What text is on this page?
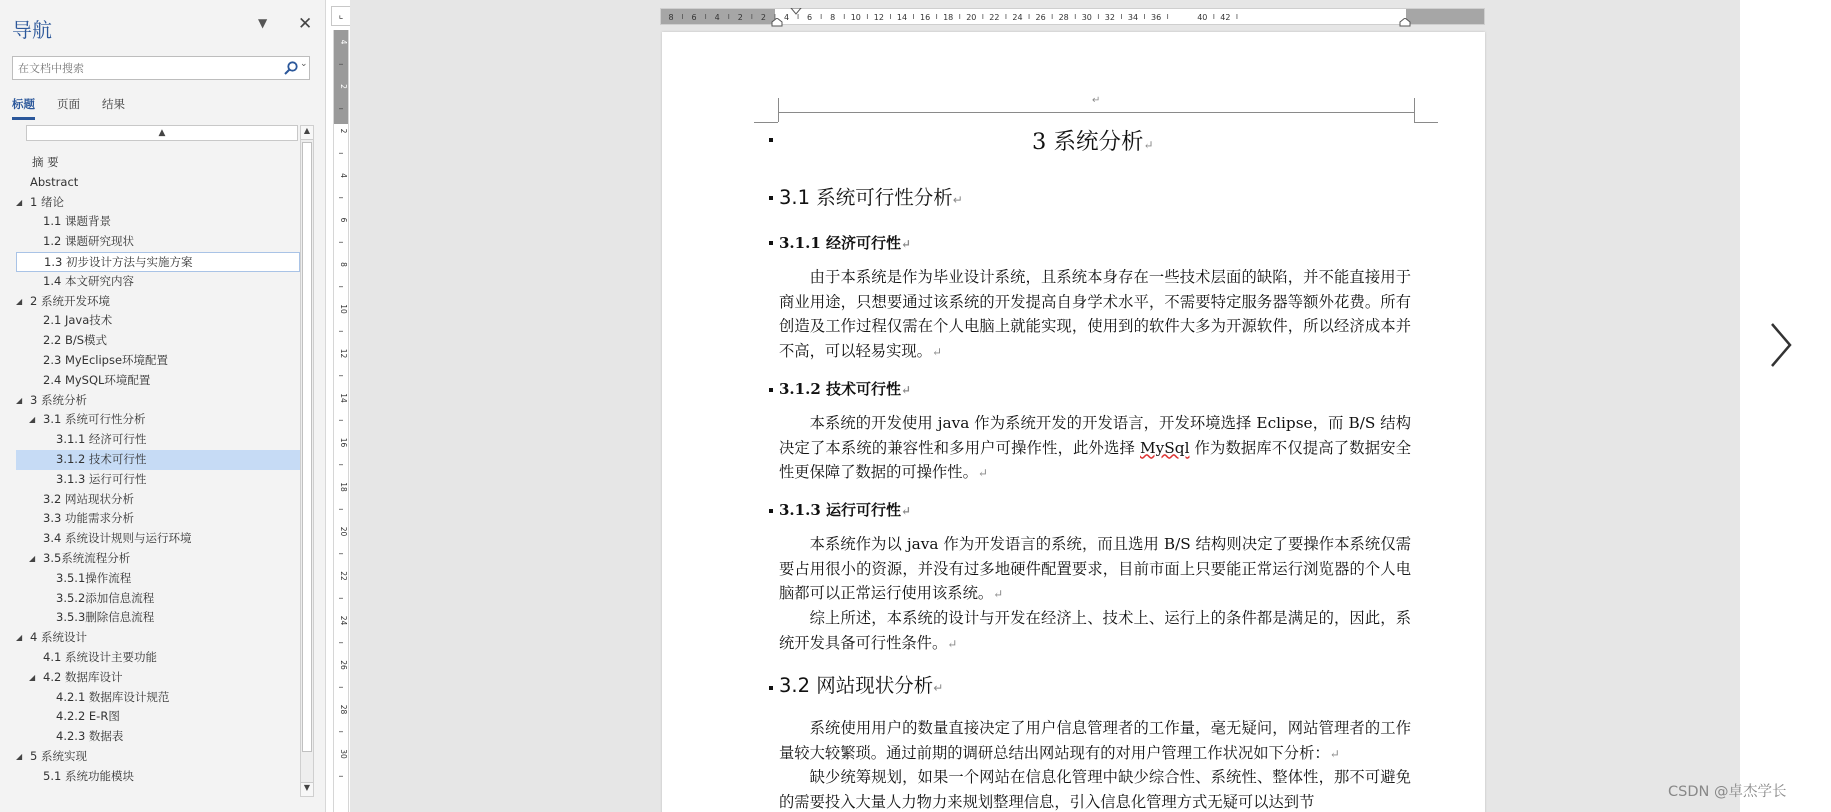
导航	▼ ✕
在文档中搜索
⌄
标题 页面 结果
▲
摘 要
Abstract
◢ 1 绪论
1.1 课题背景
1.2 课题研究现状
1.3 初步设计方法与实施方案
1.4 本文研究内容
◢ 2 系统开发环境
2.1 Java技术
2.2 B/S模式
2.3 MyEclipse环境配置
2.4 MySQL环境配置
◢ 3 系统分析
◢ 3.1 系统可行性分析
3.1.1 经济可行性
3.1.2 技术可行性
3.1.3 运行可行性
3.2 网站现状分析
3.3 功能需求分析
3.4 系统设计规则与运行环境
◢ 3.5系统流程分析
3.5.1操作流程
3.5.2添加信息流程
3.5.3删除信息流程
◢ 4 系统设计
4.1 系统设计主要功能
◢ 4.2 数据库设计
4.2.1 数据库设计规范
4.2.2 E-R图
4.2.3 数据表
◢ 5 系统实现
5.1 系统功能模块
▲
▼
⌞
4
2
2
4
6
8
10
12
14
16
18
20
22
24
26
28
30
8 6 4 2 2 4 6 8 10 12 14 16 18 20 22 24 26 28 30 32 34 36	40 42
↵
3 系统分析↵
3.1 系统可行性分析↵
3.1.1 经济可行性↵
由于本系统是作为毕业设计系统，且系统本身存在一些技术层面的缺陷，并不能直接用于商业用途，只想要通过该系统的开发提高自身学术水平，不需要特定服务器等额外花费。所有创造及工作过程仅需在个人电脑上就能实现，使用到的软件大多为开源软件，所以经济成本并不高，可以轻易实现。↵
3.1.2 技术可行性↵
本系统的开发使用 java 作为系统开发的开发语言，开发环境选择 Eclipse，而 B/S 结构决定了本系统的兼容性和多用户可操作性，此外选择 MySql 作为数据库不仅提高了数据安全性更保障了数据的可操作性。↵
3.1.3 运行可行性↵
本系统作为以 java 作为开发语言的系统，而且选用 B/S 结构则决定了要操作本系统仅需要占用很小的资源，并没有过多地硬件配置要求，目前市面上只要能正常运行浏览器的个人电脑都可以正常运行使用该系统。↵
综上所述，本系统的设计与开发在经济上、技术上、运行上的条件都是满足的，因此，系统开发具备可行性条件。↵
3.2 网站现状分析↵
系统使用用户的数量直接决定了用户信息管理者的工作量，毫无疑问，网站管理者的工作量较大较繁琐。通过前期的调研总结出网站现有的对用户管理工作状况如下分析：↵
缺少统筹规划，如果一个网站在信息化管理中缺少综合性、系统性、整体性，那不可避免的需要投入大量人力物力来规划整理信息，引入信息化管理方式无疑可以达到节
CSDN @卓杰学长
